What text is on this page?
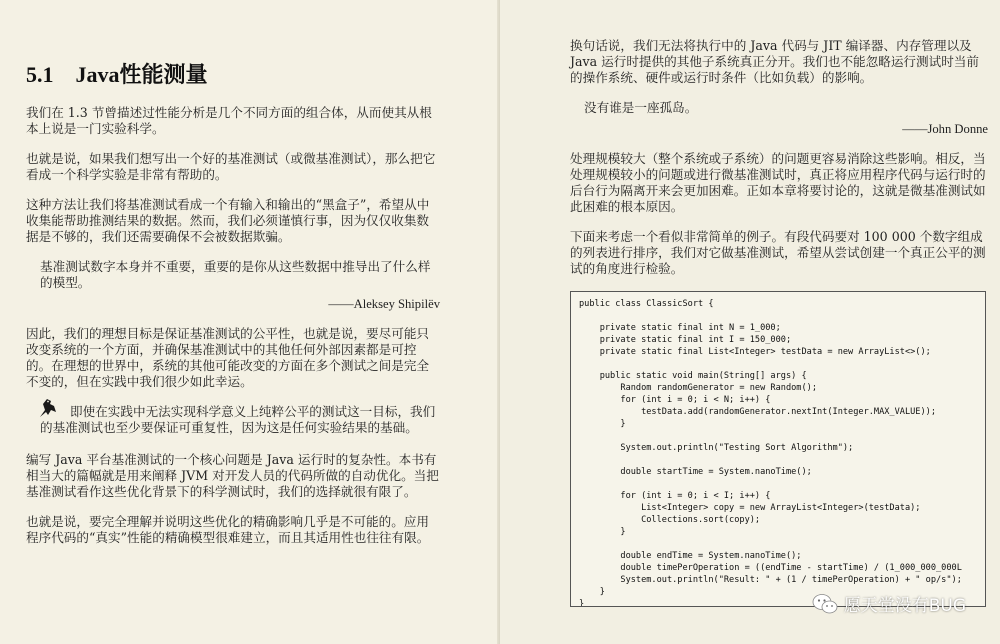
5.1 Java性能测量

我们在 1.3 节曾描述过性能分析是几个不同方面的组合体，从而使其从根本上说是一门实验科学。

也就是说，如果我们想写出一个好的基准测试（或微基准测试），那么把它看成一个科学实验是非常有帮助的。

这种方法让我们将基准测试看成一个有输入和输出的“黑盒子”，希望从中收集能帮助推测结果的数据。然而，我们必须谨慎行事，因为仅仅收集数据是不够的，我们还需要确保不会被数据欺骗。

基准测试数字本身并不重要，重要的是你从这些数据中推导出了什么样的模型。

——Aleksey Shipilëv

因此，我们的理想目标是保证基准测试的公平性，也就是说，要尽可能只改变系统的一个方面，并确保基准测试中的其他任何外部因素都是可控的。在理想的世界中，系统的其他可能改变的方面在多个测试之间是完全不变的，但在实践中我们很少如此幸运。

即使在实践中无法实现科学意义上纯粹公平的测试这一目标，我们的基准测试也至少要保证可重复性，因为这是任何实验结果的基础。

编写 Java 平台基准测试的一个核心问题是 Java 运行时的复杂性。本书有相当大的篇幅就是用来阐释 JVM 对开发人员的代码所做的自动优化。当把基准测试看作这些优化背景下的科学测试时，我们的选择就很有限了。

也就是说，要完全理解并说明这些优化的精确影响几乎是不可能的。应用程序代码的“真实”性能的精确模型很难建立，而且其适用性也往往有限。

换句话说，我们无法将执行中的 Java 代码与 JIT 编译器、内存管理以及 Java 运行时提供的其他子系统真正分开。我们也不能忽略运行测试时当前的操作系统、硬件或运行时条件（比如负载）的影响。

没有谁是一座孤岛。

——John Donne

处理规模较大（整个系统或子系统）的问题更容易消除这些影响。相反，当处理规模较小的问题或进行微基准测试时，真正将应用程序代码与运行时的后台行为隔离开来会更加困难。正如本章将要讨论的，这就是微基准测试如此困难的根本原因。

下面来考虑一个看似非常简单的例子。有段代码要对 100 000 个数字组成的列表进行排序，我们对它做基准测试，希望从尝试创建一个真正公平的测试的角度进行检验。

public class ClassicSort {
private static final int N = 1_000;
private static final int I = 150_000;
private static final List<Integer> testData = new ArrayList<>();
public static void main(String[] args) {
Random randomGenerator = new Random();
for (int i = 0; i < N; i++) {
testData.add(randomGenerator.nextInt(Integer.MAX_VALUE));
}
System.out.println("Testing Sort Algorithm");
double startTime = System.nanoTime();
for (int i = 0; i < I; i++) {
List<Integer> copy = new ArrayList<Integer>(testData);
Collections.sort(copy);
}
double endTime = System.nanoTime();
double timePerOperation = ((endTime - startTime) / (1_000_000_000L
System.out.println("Result: " + (1 / timePerOperation) + " op/s");
}
}	愿天堂没有BUG
